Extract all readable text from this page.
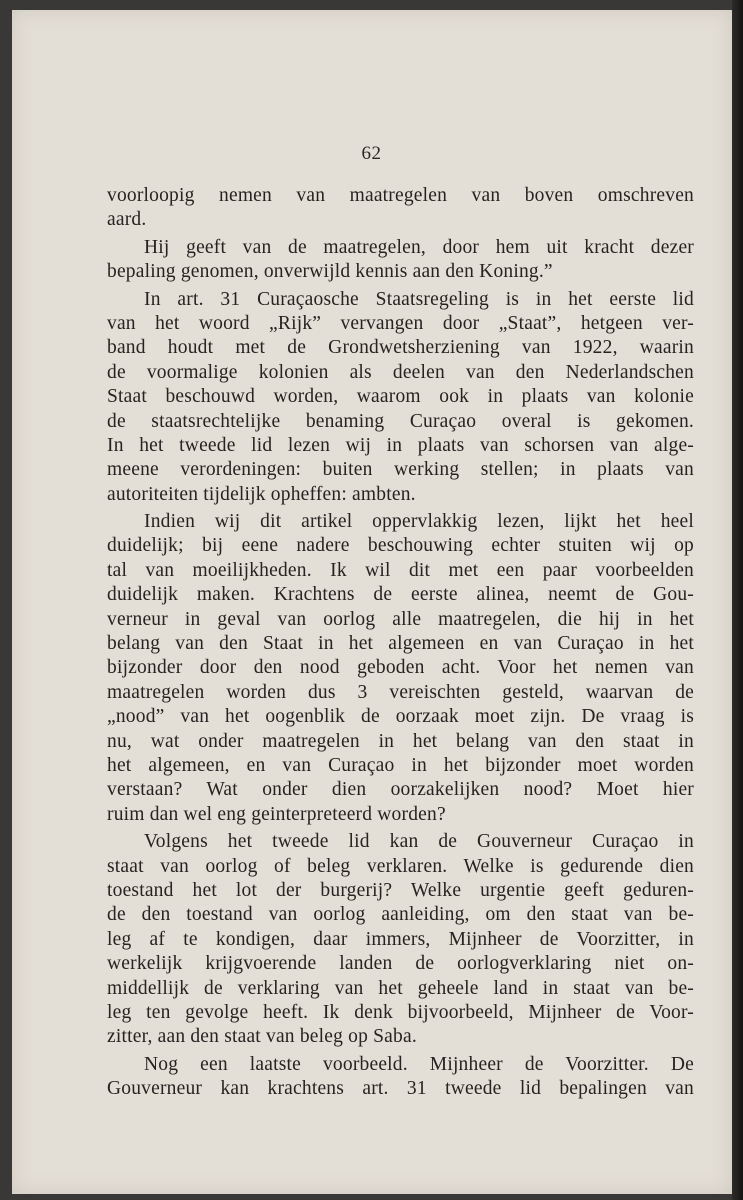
62
voorloopig nemen van maatregelen van boven omschreven
aard.
Hij geeft van de maatregelen, door hem uit kracht dezer
bepaling genomen, onverwijld kennis aan den Koning.”
In art. 31 Curaçaosche Staatsregeling is in het eerste lid
van het woord „Rijk” vervangen door „Staat”, hetgeen ver-
band houdt met de Grondwetsherziening van 1922, waarin
de voormalige kolonien als deelen van den Nederlandschen
Staat beschouwd worden, waarom ook in plaats van kolonie
de staatsrechtelijke benaming Curaçao overal is gekomen.
In het tweede lid lezen wij in plaats van schorsen van alge-
meene verordeningen: buiten werking stellen; in plaats van
autoriteiten tijdelijk opheffen: ambten.
Indien wij dit artikel oppervlakkig lezen, lijkt het heel
duidelijk; bij eene nadere beschouwing echter stuiten wij op
tal van moeilijkheden. Ik wil dit met een paar voorbeelden
duidelijk maken. Krachtens de eerste alinea, neemt de Gou-
verneur in geval van oorlog alle maatregelen, die hij in het
belang van den Staat in het algemeen en van Curaçao in het
bijzonder door den nood geboden acht. Voor het nemen van
maatregelen worden dus 3 vereischten gesteld, waarvan de
„nood” van het oogenblik de oorzaak moet zijn. De vraag is
nu, wat onder maatregelen in het belang van den staat in
het algemeen, en van Curaçao in het bijzonder moet worden
verstaan? Wat onder dien oorzakelijken nood? Moet hier
ruim dan wel eng geinterpreteerd worden?
Volgens het tweede lid kan de Gouverneur Curaçao in
staat van oorlog of beleg verklaren. Welke is gedurende dien
toestand het lot der burgerij? Welke urgentie geeft geduren-
de den toestand van oorlog aanleiding, om den staat van be-
leg af te kondigen, daar immers, Mijnheer de Voorzitter, in
werkelijk krijgvoerende landen de oorlogverklaring niet on-
middellijk de verklaring van het geheele land in staat van be-
leg ten gevolge heeft. Ik denk bijvoorbeeld, Mijnheer de Voor-
zitter, aan den staat van beleg op Saba.
Nog een laatste voorbeeld. Mijnheer de Voorzitter. De
Gouverneur kan krachtens art. 31 tweede lid bepalingen van
